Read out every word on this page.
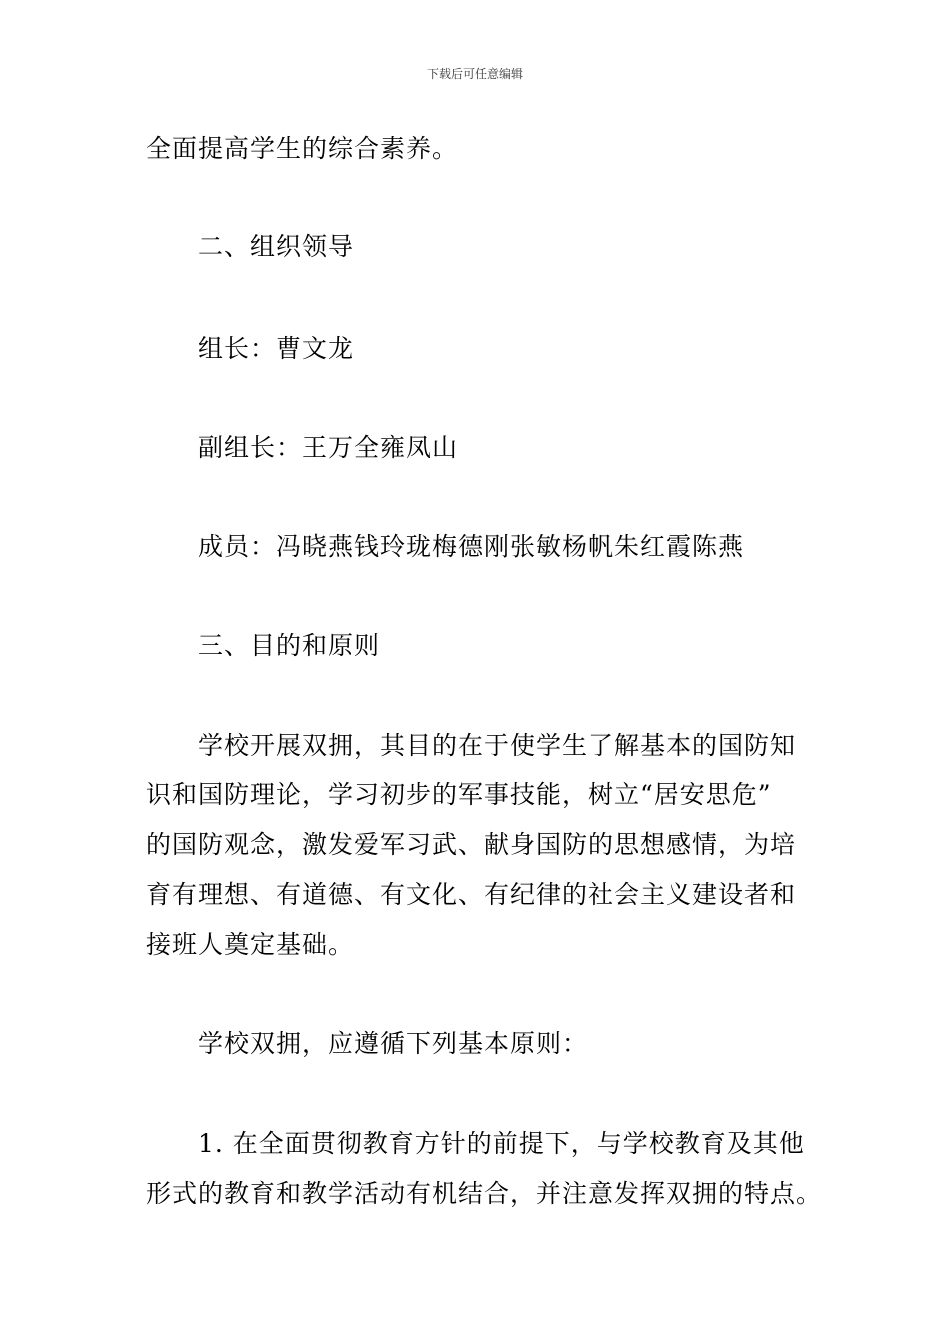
下载后可任意编辑
全面提高学生的综合素养。
二、组织领导
组长：曹文龙
副组长：王万全雍凤山
成员：冯晓燕钱玲珑梅德刚张敏杨帆朱红霞陈燕
三、目的和原则
学校开展双拥，其目的在于使学生了解基本的国防知
识和国防理论，学习初步的军事技能，树立“居安思危”
的国防观念，激发爱军习武、献身国防的思想感情，为培
育有理想、有道德、有文化、有纪律的社会主义建设者和
接班人奠定基础。
学校双拥，应遵循下列基本原则：
1. 在全面贯彻教育方针的前提下，与学校教育及其他
形式的教育和教学活动有机结合，并注意发挥双拥的特点。
